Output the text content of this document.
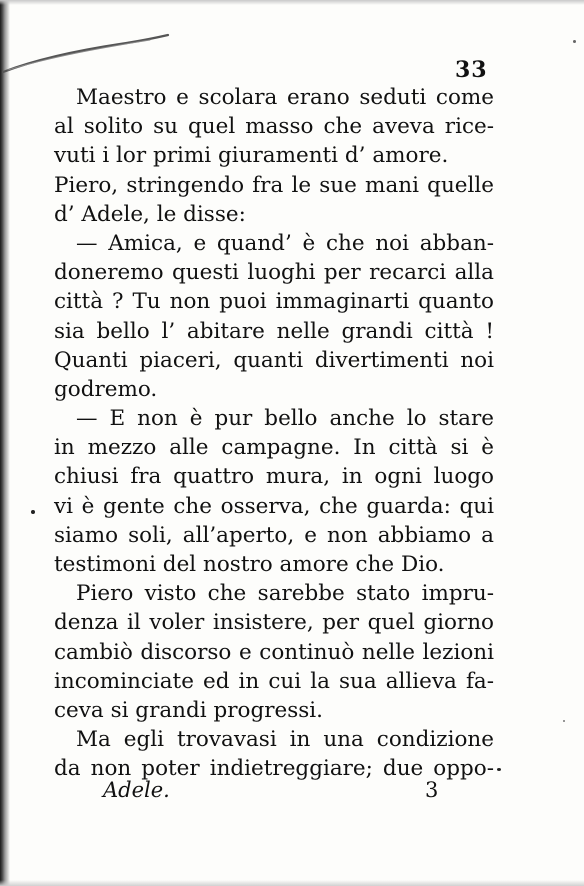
33
Maestro e scolara erano seduti come
al solito su quel masso che aveva rice-
vuti i lor primi giuramenti d’ amore.
Piero, stringendo fra le sue mani quelle
d’ Adele, le disse:
— Amica, e quand’ è che noi abban-
doneremo questi luoghi per recarci alla
città ? Tu non puoi immaginarti quanto
sia bello l’ abitare nelle grandi città !
Quanti piaceri, quanti divertimenti noi
godremo.
— E non è pur bello anche lo stare
in mezzo alle campagne. In città si è
chiusi fra quattro mura, in ogni luogo
vi è gente che osserva, che guarda: qui
siamo soli, all’aperto, e non abbiamo a
testimoni del nostro amore che Dio.
Piero visto che sarebbe stato impru-
denza il voler insistere, per quel giorno
cambiò discorso e continuò nelle lezioni
incominciate ed in cui la sua allieva fa-
ceva si grandi progressi.
Ma egli trovavasi in una condizione
da non poter indietreggiare; due oppo-
Adele.	3
